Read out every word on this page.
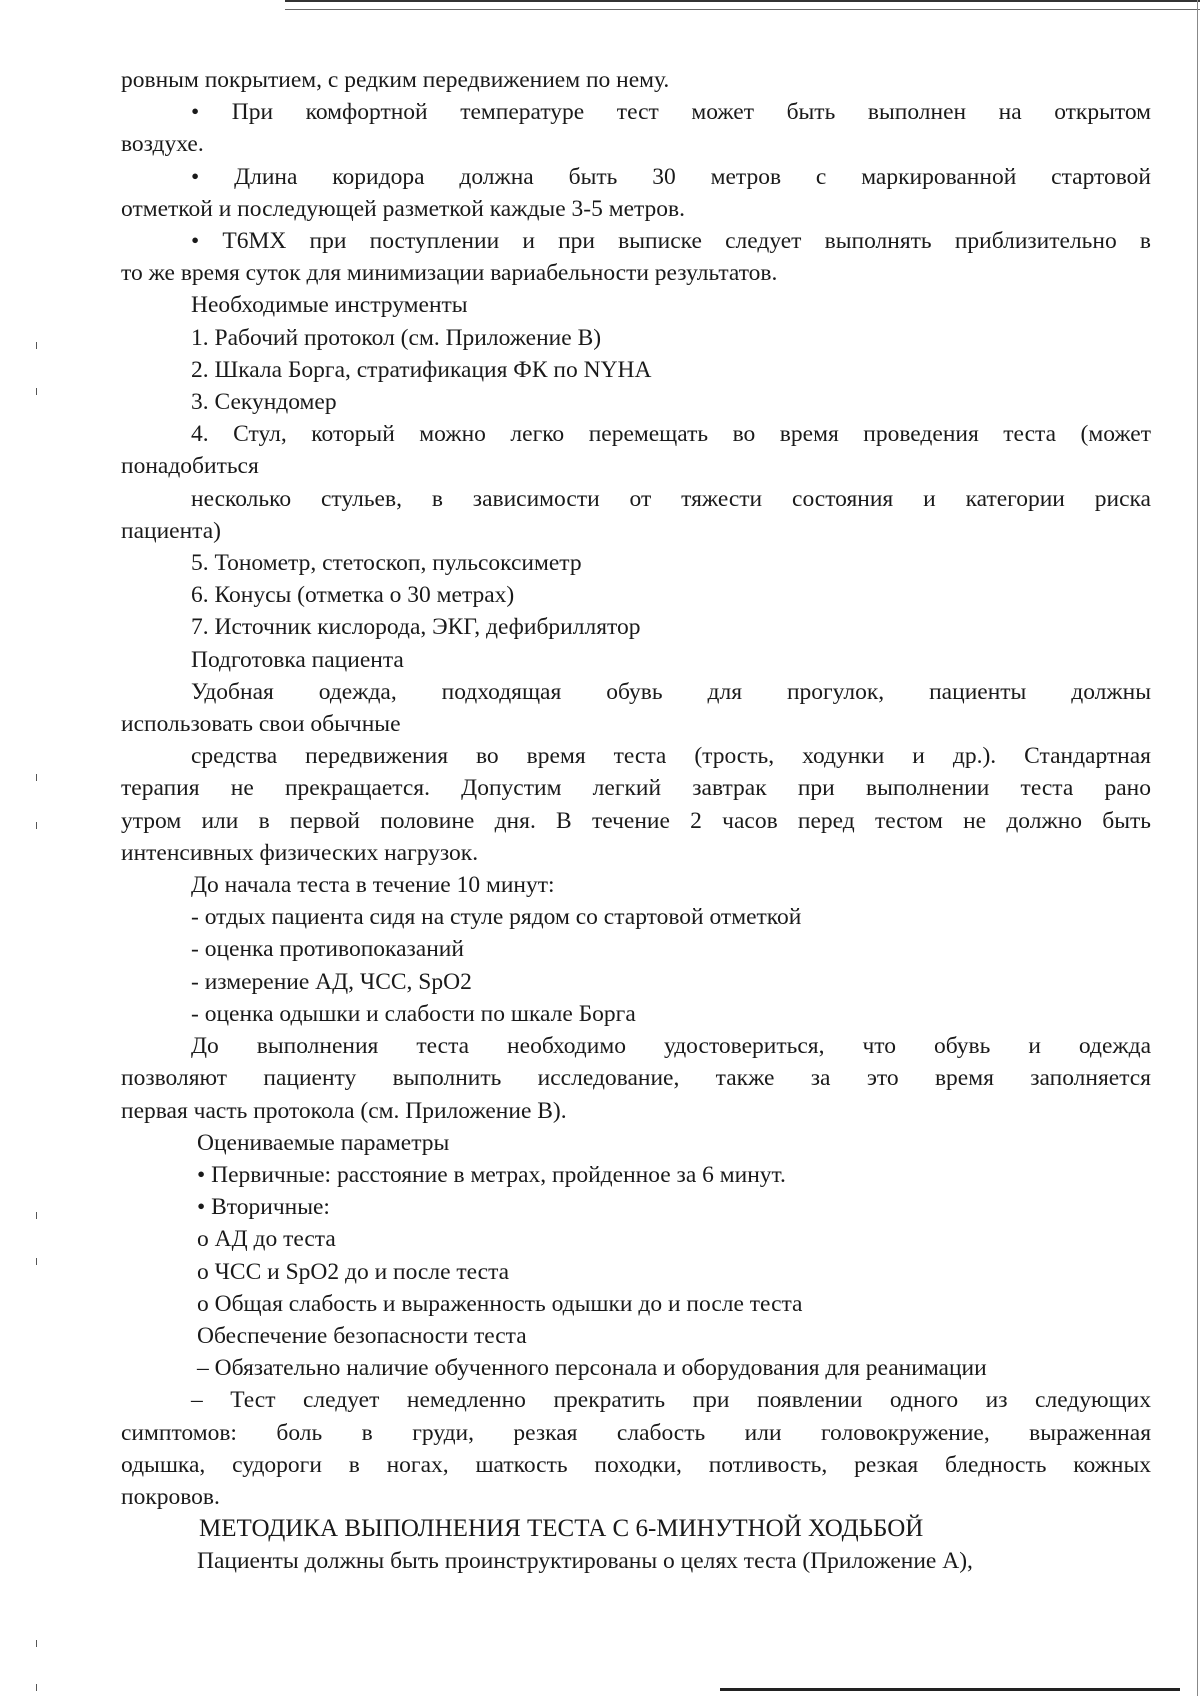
ровным покрытием, с редким передвижением по нему.

• При комфортной температуре тест может быть выполнен на открытом

воздухе.

• Длина коридора должна быть 30 метров с маркированной стартовой

отметкой и последующей разметкой каждые 3-5 метров.

• Т6МХ при поступлении и при выписке следует выполнять приблизительно в

то же время суток для минимизации вариабельности результатов.

Необходимые инструменты

1. Рабочий протокол (см. Приложение В)

2. Шкала Борга, стратификация ФК по NYHA

3. Секундомер

4. Стул, который можно легко перемещать во время проведения теста (может

понадобиться

несколько стульев, в зависимости от тяжести состояния и категории риска

пациента)

5. Тонометр, стетоскоп, пульсоксиметр

6. Конусы (отметка о 30 метрах)

7. Источник кислорода, ЭКГ, дефибриллятор

Подготовка пациента

Удобная одежда, подходящая обувь для прогулок, пациенты должны

использовать свои обычные

средства передвижения во время теста (трость, ходунки и др.). Стандартная

терапия не прекращается. Допустим легкий завтрак при выполнении теста рано

утром или в первой половине дня. В течение 2 часов перед тестом не должно быть

интенсивных физических нагрузок.

До начала теста в течение 10 минут:

- отдых пациента сидя на стуле рядом со стартовой отметкой

- оценка противопоказаний

- измерение АД, ЧСС, SpO2

- оценка одышки и слабости по шкале Борга

До выполнения теста необходимо удостовериться, что обувь и одежда

позволяют пациенту выполнить исследование, также за это время заполняется

первая часть протокола (см. Приложение В).

Оцениваемые параметры

• Первичные: расстояние в метрах, пройденное за 6 минут.

• Вторичные:

о АД до теста

о ЧСС и SpO2 до и после теста

о Общая слабость и выраженность одышки до и после теста

Обеспечение безопасности теста

– Обязательно наличие обученного персонала и оборудования для реанимации

– Тест следует немедленно прекратить при появлении одного из следующих

симптомов: боль в груди, резкая слабость или головокружение, выраженная

одышка, судороги в ногах, шаткость походки, потливость, резкая бледность кожных

покровов.

МЕТОДИКА ВЫПОЛНЕНИЯ ТЕСТА С 6-МИНУТНОЙ ХОДЬБОЙ

Пациенты должны быть проинструктированы о целях теста (Приложение А),
